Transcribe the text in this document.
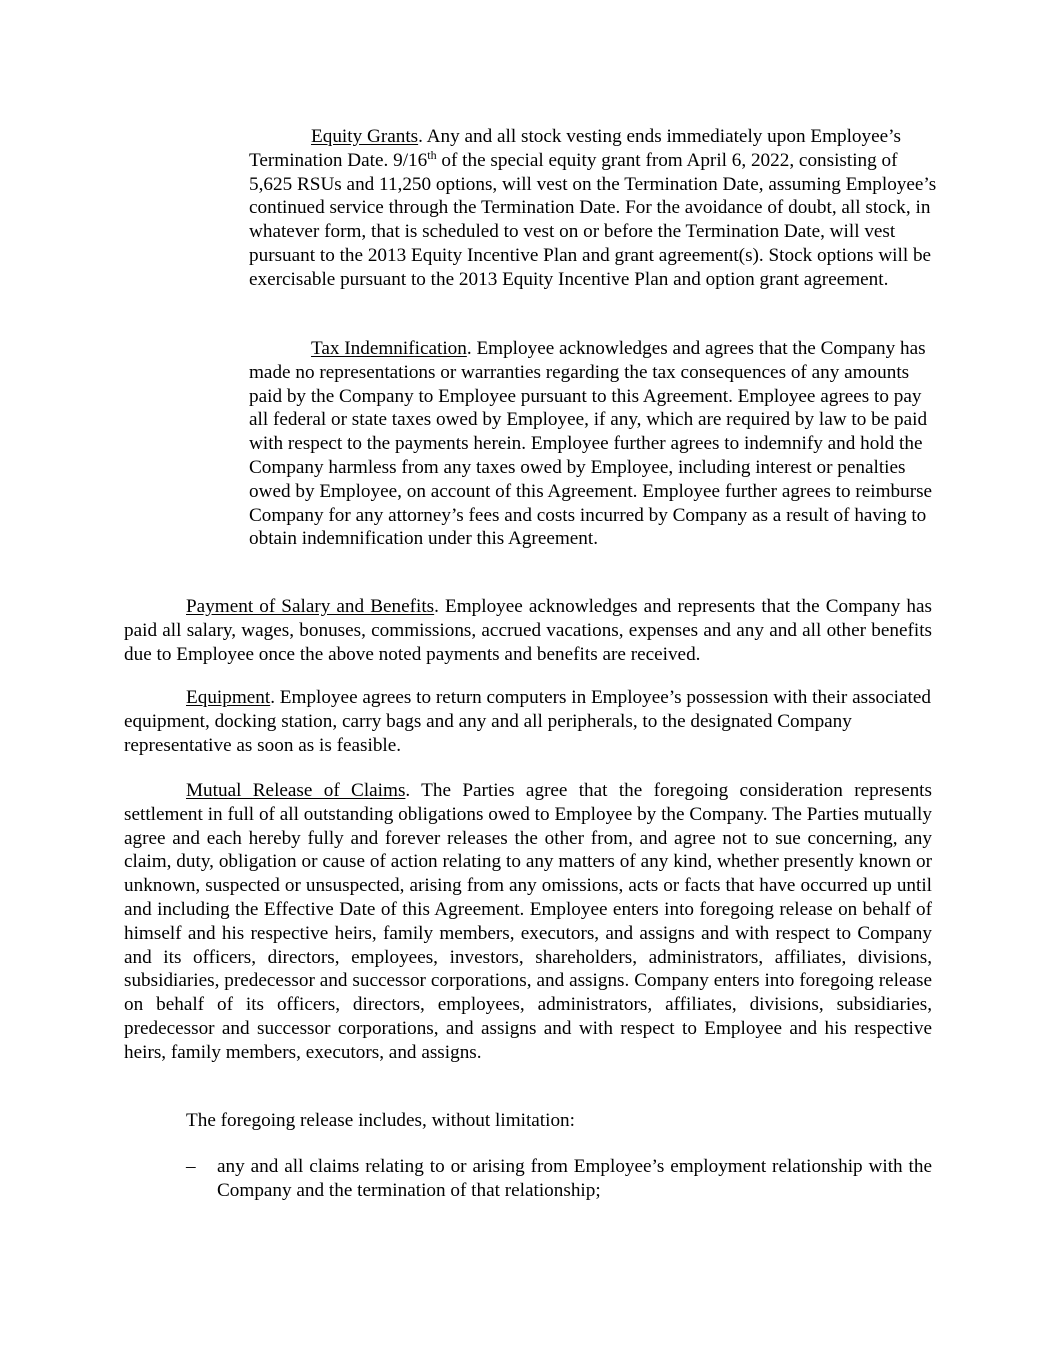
Equity Grants. Any and all stock vesting ends immediately upon Employee’s Termination Date. 9/16th of the special equity grant from April 6, 2022, consisting of 5,625 RSUs and 11,250 options, will vest on the Termination Date, assuming Employee’s continued service through the Termination Date. For the avoidance of doubt, all stock, in whatever form, that is scheduled to vest on or before the Termination Date, will vest pursuant to the 2013 Equity Incentive Plan and grant agreement(s). Stock options will be exercisable pursuant to the 2013 Equity Incentive Plan and option grant agreement.

Tax Indemnification. Employee acknowledges and agrees that the Company has made no representations or warranties regarding the tax consequences of any amounts paid by the Company to Employee pursuant to this Agreement. Employee agrees to pay all federal or state taxes owed by Employee, if any, which are required by law to be paid with respect to the payments herein. Employee further agrees to indemnify and hold the Company harmless from any taxes owed by Employee, including interest or penalties owed by Employee, on account of this Agreement. Employee further agrees to reimburse Company for any attorney’s fees and costs incurred by Company as a result of having to obtain indemnification under this Agreement.

Payment of Salary and Benefits. Employee acknowledges and represents that the Company has paid all salary, wages, bonuses, commissions, accrued vacations, expenses and any and all other benefits due to Employee once the above noted payments and benefits are received.

Equipment. Employee agrees to return computers in Employee’s possession with their associated equipment, docking station, carry bags and any and all peripherals, to the designated Company representative as soon as is feasible.

Mutual Release of Claims. The Parties agree that the foregoing consideration represents settlement in full of all outstanding obligations owed to Employee by the Company. The Parties mutually agree and each hereby fully and forever releases the other from, and agree not to sue concerning, any claim, duty, obligation or cause of action relating to any matters of any kind, whether presently known or unknown, suspected or unsuspected, arising from any omissions, acts or facts that have occurred up until and including the Effective Date of this Agreement. Employee enters into foregoing release on behalf of himself and his respective heirs, family members, executors, and assigns and with respect to Company and its officers, directors, employees, investors, shareholders, administrators, affiliates, divisions, subsidiaries, predecessor and successor corporations, and assigns. Company enters into foregoing release on behalf of its officers, directors, employees, administrators, affiliates, divisions, subsidiaries, predecessor and successor corporations, and assigns and with respect to Employee and his respective heirs, family members, executors, and assigns.

The foregoing release includes, without limitation:

–	any and all claims relating to or arising from Employee’s employment relationship with the Company and the termination of that relationship;
